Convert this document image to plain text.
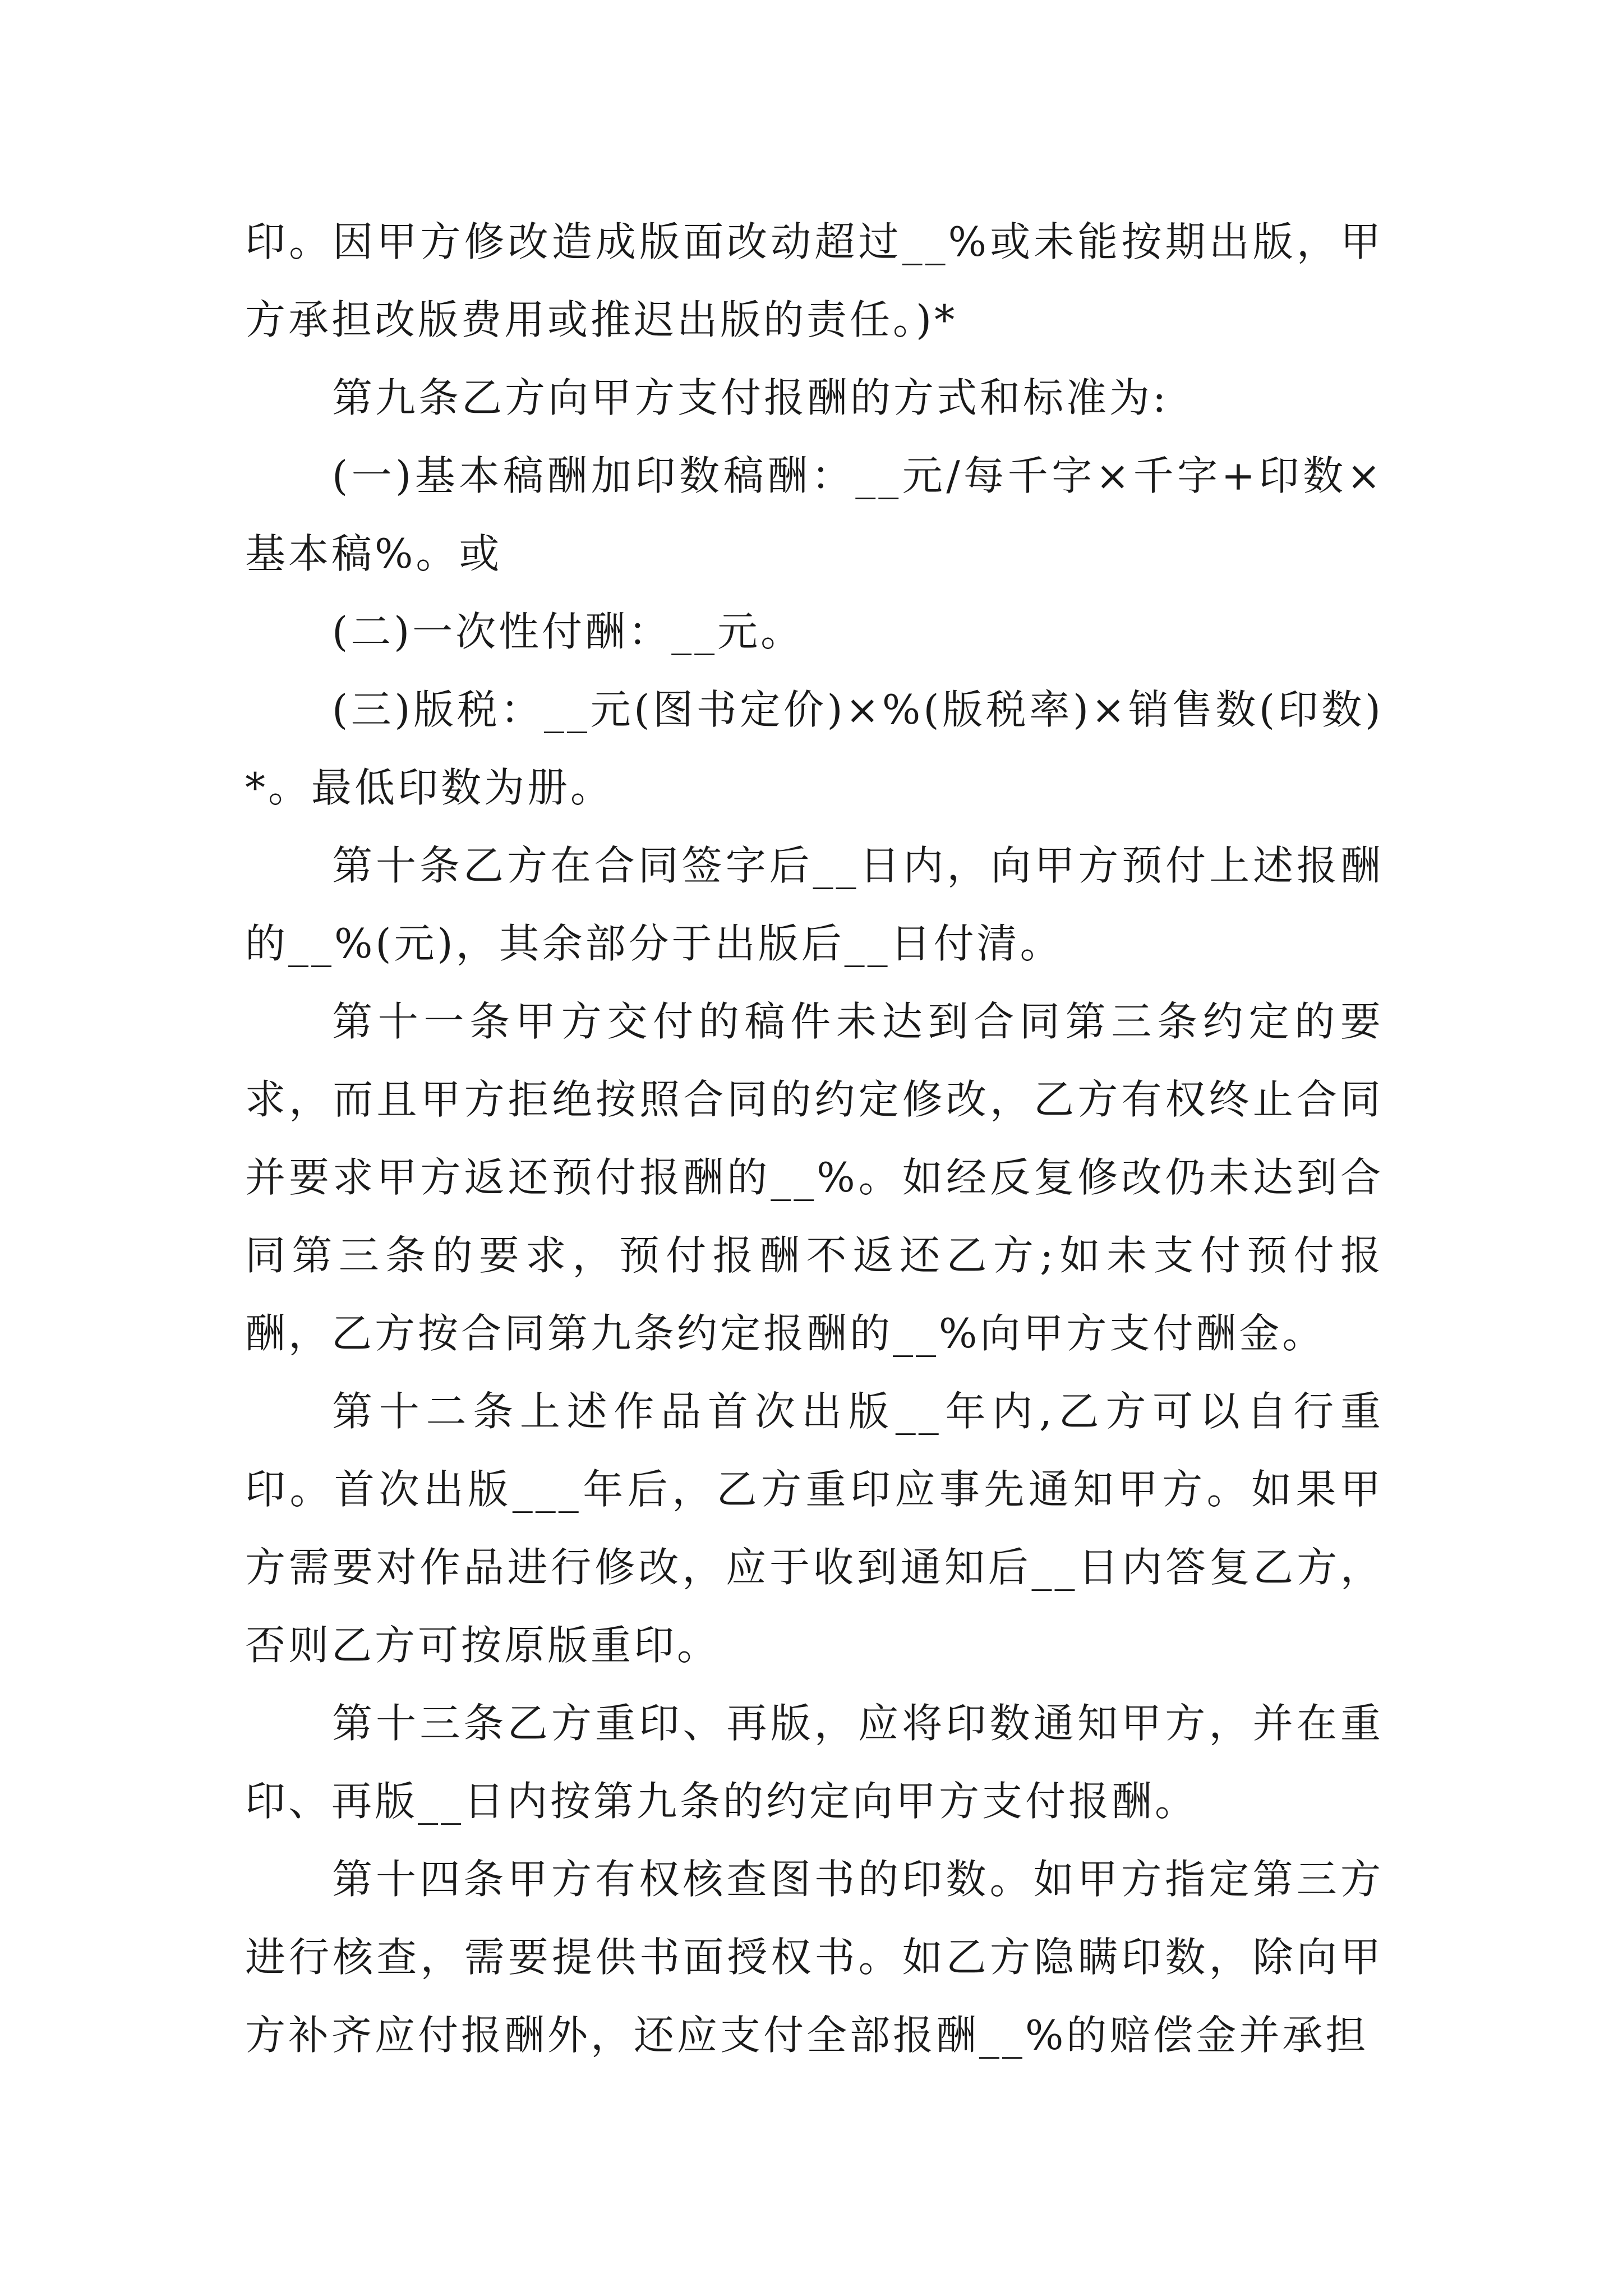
印。因甲方修改造成版面改动超过__%或未能按期出版，甲方承担改版费用或推迟出版的责任。)*

第九条乙方向甲方支付报酬的方式和标准为:

(一)基本稿酬加印数稿酬：__元/每千字×千字+印数×基本稿%。或

(二)一次性付酬：__元。

(三)版税：__元(图书定价)×%(版税率)×销售数(印数)*。最低印数为册。

第十条乙方在合同签字后__日内，向甲方预付上述报酬的__%(元)，其余部分于出版后__日付清。

第十一条甲方交付的稿件未达到合同第三条约定的要求，而且甲方拒绝按照合同的约定修改，乙方有权终止合同并要求甲方返还预付报酬的__%。如经反复修改仍未达到合同第三条的要求，预付报酬不返还乙方;如未支付预付报酬，乙方按合同第九条约定报酬的__%向甲方支付酬金。

第十二条上述作品首次出版__年内,乙方可以自行重印。首次出版___年后，乙方重印应事先通知甲方。如果甲方需要对作品进行修改，应于收到通知后__日内答复乙方，否则乙方可按原版重印。

第十三条乙方重印、再版，应将印数通知甲方，并在重印、再版__日内按第九条的约定向甲方支付报酬。

第十四条甲方有权核查图书的印数。如甲方指定第三方进行核查，需要提供书面授权书。如乙方隐瞒印数，除向甲方补齐应付报酬外，还应支付全部报酬__%的赔偿金并承担
